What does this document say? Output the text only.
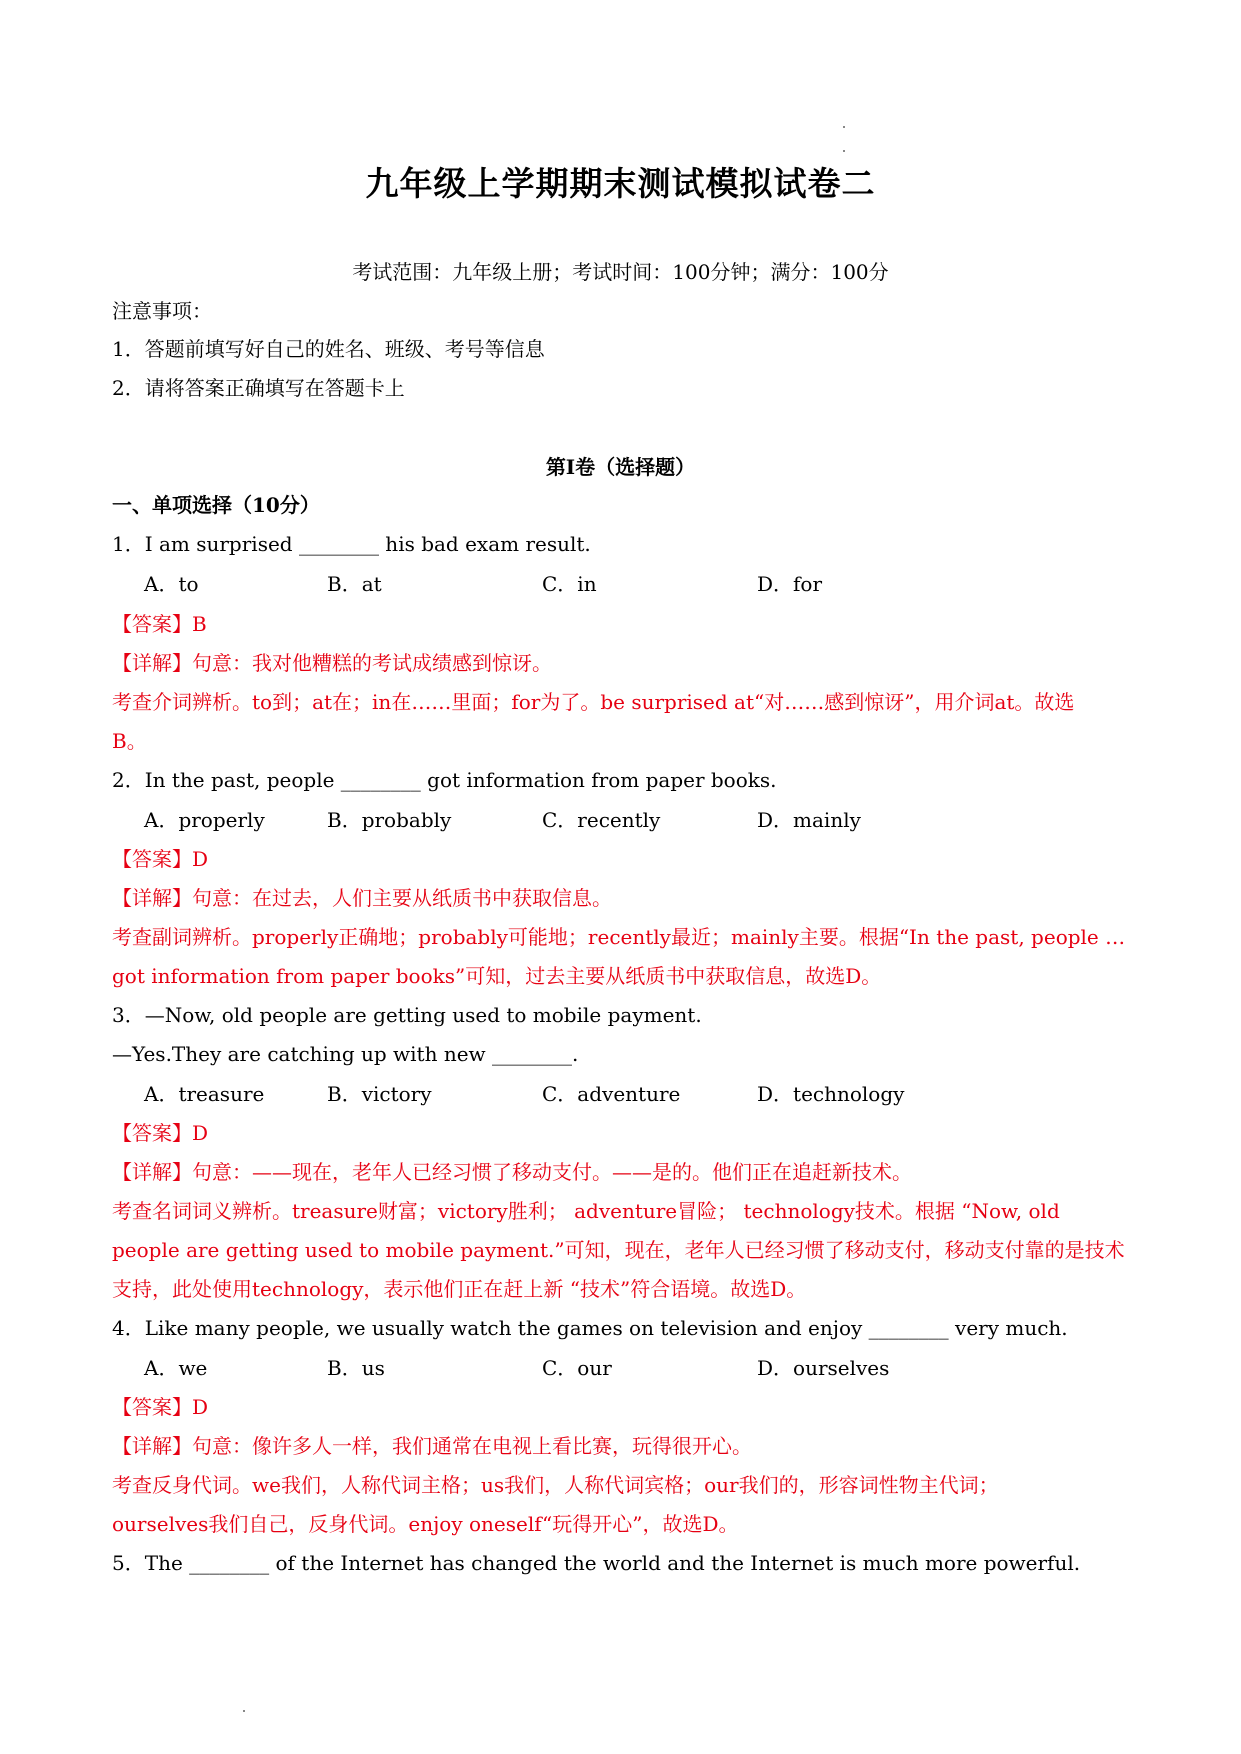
九年级上学期期末测试模拟试卷二
考试范围：九年级上册；考试时间：100分钟；满分：100分
注意事项：
1．答题前填写好自己的姓名、班级、考号等信息
2．请将答案正确填写在答题卡上
第I卷（选择题）
一、单项选择（10分）
1．I am surprised ________ his bad exam result.
A．to	B．at	C．in	D．for
【答案】B
【详解】句意：我对他糟糕的考试成绩感到惊讶。
考查介词辨析。to到；at在；in在……里面；for为了。be surprised at“对……感到惊讶”，用介词at。故选
B。
2．In the past, people ________ got information from paper books.
A．properly	B．probably	C．recently	D．mainly
【答案】D
【详解】句意：在过去，人们主要从纸质书中获取信息。
考查副词辨析。properly正确地；probably可能地；recently最近；mainly主要。根据“In the past, people …
got information from paper books”可知，过去主要从纸质书中获取信息，故选D。
3．—Now, old people are getting used to mobile payment.
—Yes.They are catching up with new ________.
A．treasure	B．victory	C．adventure	D．technology
【答案】D
【详解】句意：——现在，老年人已经习惯了移动支付。——是的。他们正在追赶新技术。
考查名词词义辨析。treasure财富；victory胜利； adventure冒险； technology技术。根据 “Now, old
people are getting used to mobile payment.”可知，现在，老年人已经习惯了移动支付，移动支付靠的是技术
支持，此处使用technology，表示他们正在赶上新 “技术”符合语境。故选D。
4．Like many people, we usually watch the games on television and enjoy ________ very much.
A．we	B．us	C．our	D．ourselves
【答案】D
【详解】句意：像许多人一样，我们通常在电视上看比赛，玩得很开心。
考查反身代词。we我们，人称代词主格；us我们，人称代词宾格；our我们的，形容词性物主代词；
ourselves我们自己，反身代词。enjoy oneself“玩得开心”，故选D。
5．The ________ of the Internet has changed the world and the Internet is much more powerful.
